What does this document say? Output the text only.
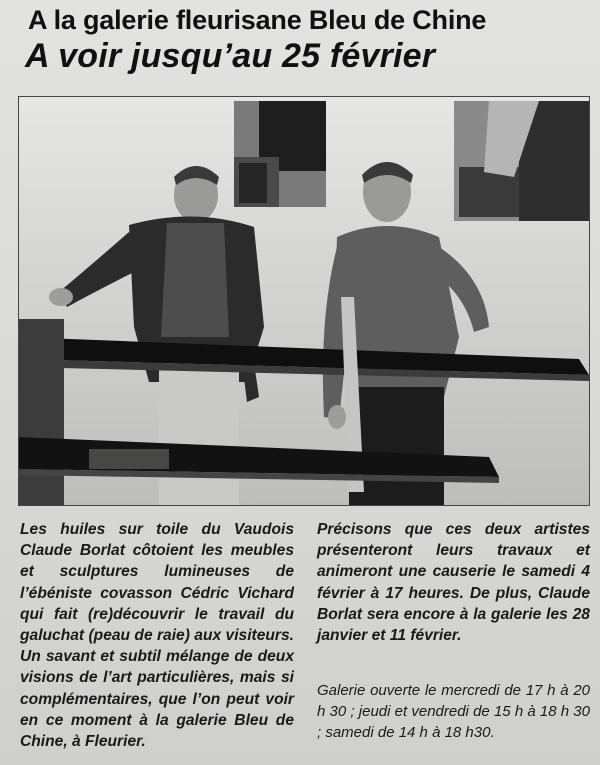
A la galerie fleurisane Bleu de Chine
A voir jusqu’au 25 février

Les huiles sur toile du Vaudois Claude Borlat côtoient les meubles et sculptures lumineuses de l’ébéniste covasson Cédric Vichard qui fait (re)découvrir le travail du galuchat (peau de raie) aux visiteurs. Un savant et subtil mélange de deux visions de l’art particulières, mais si complémentaires, que l’on peut voir en ce moment à la galerie Bleu de Chine, à Fleurier.

Précisons que ces deux artistes présenteront leurs travaux et animeront une causerie le samedi 4 février à 17 heures. De plus, Claude Borlat sera encore à la galerie les 28 janvier et 11 février.

Galerie ouverte le mercredi de 17 h à 20 h 30 ; jeudi et vendredi de 15 h à 18 h 30 ; samedi de 14 h à 18 h30.
